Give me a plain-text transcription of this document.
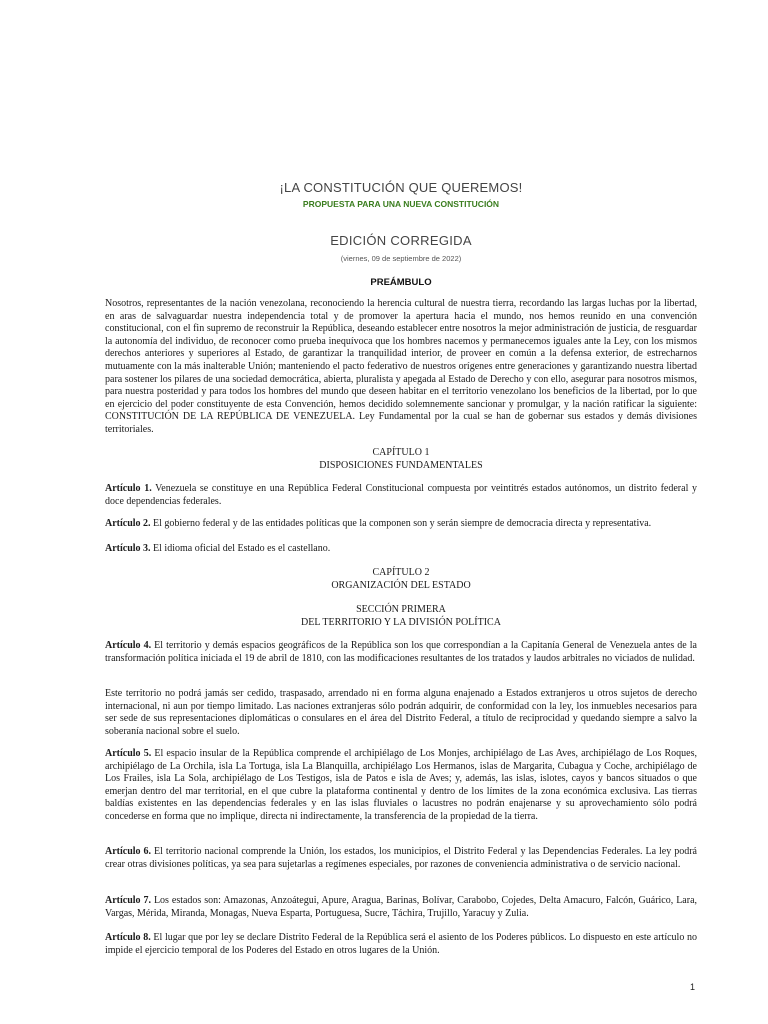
¡LA CONSTITUCIÓN QUE QUEREMOS!
PROPUESTA PARA UNA NUEVA CONSTITUCIÓN
EDICIÓN CORREGIDA
(viernes, 09 de septiembre de 2022)
PREÁMBULO

Nosotros, representantes de la nación venezolana, reconociendo la herencia cultural de nuestra tierra, recordando las largas luchas por la libertad, en aras de salvaguardar nuestra independencia total y de promover la apertura hacia el mundo, nos hemos reunido en una convención constitucional, con el fin supremo de reconstruir la República, deseando establecer entre nosotros la mejor administración de justicia, de resguardar la autonomía del individuo, de reconocer como prueba inequívoca que los hombres nacemos y permanecemos iguales ante la Ley, con los mismos derechos anteriores y superiores al Estado, de garantizar la tranquilidad interior, de proveer en común a la defensa exterior, de estrecharnos mutuamente con la más inalterable Unión; manteniendo el pacto federativo de nuestros orígenes entre generaciones y garantizando nuestra libertad para sostener los pilares de una sociedad democrática, abierta, pluralista y apegada al Estado de Derecho y con ello, asegurar para nosotros mismos, para nuestra posteridad y para todos los hombres del mundo que deseen habitar en el territorio venezolano los beneficios de la libertad, por lo que en ejercicio del poder constituyente de esta Convención, hemos decidido solemnemente sancionar y promulgar, y la nación ratificar la siguiente: CONSTITUCIÓN DE LA REPÚBLICA DE VENEZUELA. Ley Fundamental por la cual se han de gobernar sus estados y demás divisiones territoriales.

CAPÍTULO 1

DISPOSICIONES FUNDAMENTALES

Artículo 1. Venezuela se constituye en una República Federal Constitucional compuesta por veintitrés estados autónomos, un distrito federal y doce dependencias federales.

Artículo 2. El gobierno federal y de las entidades políticas que la componen son y serán siempre de democracia directa y representativa.

Artículo 3. El idioma oficial del Estado es el castellano.

CAPÍTULO 2

ORGANIZACIÓN DEL ESTADO

SECCIÓN PRIMERA

DEL TERRITORIO Y LA DIVISIÓN POLÍTICA

Artículo 4. El territorio y demás espacios geográficos de la República son los que correspondían a la Capitanía General de Venezuela antes de la transformación política iniciada el 19 de abril de 1810, con las modificaciones resultantes de los tratados y laudos arbitrales no viciados de nulidad.

Este territorio no podrá jamás ser cedido, traspasado, arrendado ni en forma alguna enajenado a Estados extranjeros u otros sujetos de derecho internacional, ni aun por tiempo limitado. Las naciones extranjeras sólo podrán adquirir, de conformidad con la ley, los inmuebles necesarios para ser sede de sus representaciones diplomáticas o consulares en el área del Distrito Federal, a título de reciprocidad y quedando siempre a salvo la soberanía nacional sobre el suelo.

Artículo 5. El espacio insular de la República comprende el archipiélago de Los Monjes, archipiélago de Las Aves, archipiélago de Los Roques, archipiélago de La Orchila, isla La Tortuga, isla La Blanquilla, archipiélago Los Hermanos, islas de Margarita, Cubagua y Coche, archipiélago de Los Frailes, isla La Sola, archipiélago de Los Testigos, isla de Patos e isla de Aves; y, además, las islas, islotes, cayos y bancos situados o que emerjan dentro del mar territorial, en el que cubre la plataforma continental y dentro de los límites de la zona económica exclusiva. Las tierras baldías existentes en las dependencias federales y en las islas fluviales o lacustres no podrán enajenarse y su aprovechamiento sólo podrá concederse en forma que no implique, directa ni indirectamente, la transferencia de la propiedad de la tierra.

Artículo 6. El territorio nacional comprende la Unión, los estados, los municipios, el Distrito Federal y las Dependencias Federales. La ley podrá crear otras divisiones políticas, ya sea para sujetarlas a regímenes especiales, por razones de conveniencia administrativa o de servicio nacional.

Artículo 7. Los estados son: Amazonas, Anzoátegui, Apure, Aragua, Barinas, Bolívar, Carabobo, Cojedes, Delta Amacuro, Falcón, Guárico, Lara, Vargas, Mérida, Miranda, Monagas, Nueva Esparta, Portuguesa, Sucre, Táchira, Trujillo, Yaracuy y Zulia.

Artículo 8. El lugar que por ley se declare Distrito Federal de la República será el asiento de los Poderes públicos. Lo dispuesto en este artículo no impide el ejercicio temporal de los Poderes del Estado en otros lugares de la Unión.

1
